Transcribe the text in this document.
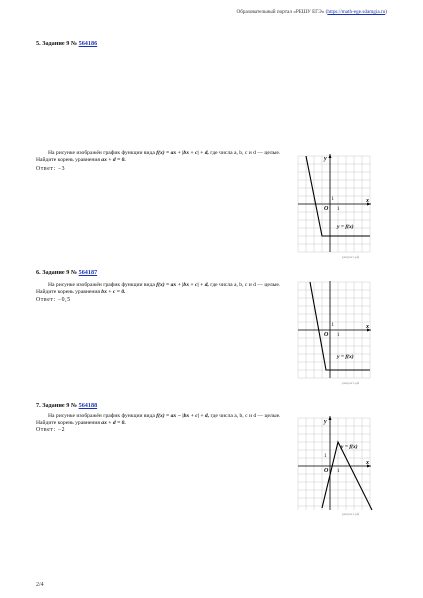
Образовательный портал «РЕШУ ЕГЭ» (https://math-ege.sdamgia.ru)
5. Задание 9 № 564186
На рисунке изображён график функции вида f(x) = ax + |bx + c| + d, где числа a, b, c и d — целые. Найдите корень уравнения ax + d = 0.
Ответ: −3
y
x
O 1
1
y = f(x)
решуегэ.рф
6. Задание 9 № 564187
На рисунке изображён график функции вида f(x) = ax + |bx + c| + d, где числа a, b, c и d — целые. Найдите корень уравнения bx + c = 0.
Ответ: −0,5
x
O 1
1
y = f(x)
решуегэ.рф
7. Задание 9 № 564188
На рисунке изображён график функции вида f(x) = ax − |bx + c| + d, где числа a, b, c и d — целые. Найдите корень уравнения ax + d = 0.
Ответ: −2
y
x
O 1
1
y = f(x)
решуегэ.рф
2/4
